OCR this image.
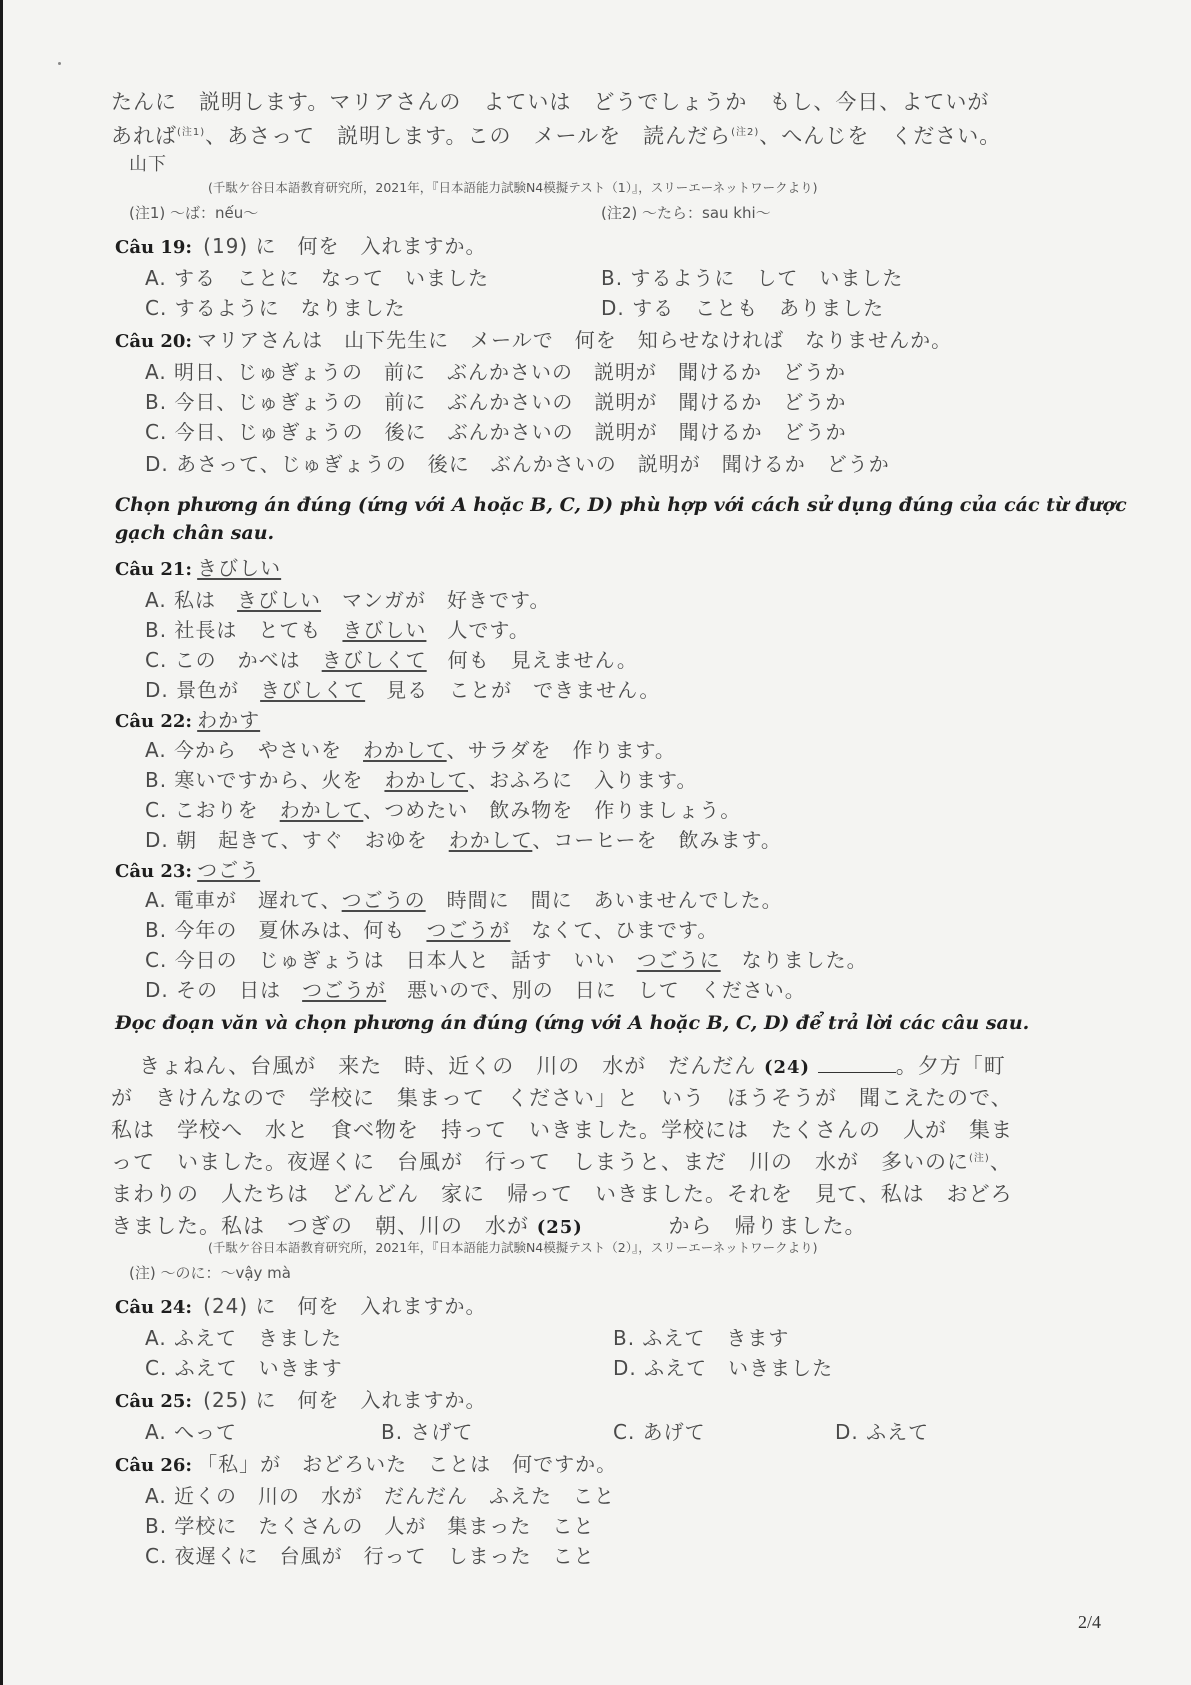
たんに　説明します。マリアさんの　よていは　どうでしょうか　もし、今日、よていが
あれば$^{(注1)}$、あさって　説明します。この　メールを　読んだら$^{(注2)}$、へんじを　ください。
山下
(千駄ケ谷日本語教育研究所，2021年，『日本語能力試験N4模擬テスト（1）』，スリーエーネットワークより)
(注1) ～ば：nếu～	(注2) ～たら：sau khi～
Câu 19: (19) に　何を　入れますか。
A. する　ことに　なって　いました	B. するように　して　いました
C. するように　なりました	D. する　ことも　ありました
Câu 20: マリアさんは　山下先生に　メールで　何を　知らせなければ　なりませんか。
A. 明日、じゅぎょうの　前に　ぶんかさいの　説明が　聞けるか　どうか
B. 今日、じゅぎょうの　前に　ぶんかさいの　説明が　聞けるか　どうか
C. 今日、じゅぎょうの　後に　ぶんかさいの　説明が　聞けるか　どうか
D. あさって、じゅぎょうの　後に　ぶんかさいの　説明が　聞けるか　どうか
Chọn phương án đúng (ứng với A hoặc B, C, D) phù hợp với cách sử dụng đúng của các từ được
gạch chân sau.
Câu 21: きびしい
A. 私は　きびしい　マンガが　好きです。
B. 社長は　とても　きびしい　人です。
C. この　かべは　きびしくて　何も　見えません。
D. 景色が　きびしくて　見る　ことが　できません。
Câu 22: わかす
A. 今から　やさいを　わかして、サラダを　作ります。
B. 寒いですから、火を　わかして、おふろに　入ります。
C. こおりを　わかして、つめたい　飲み物を　作りましょう。
D. 朝　起きて、すぐ　おゆを　わかして、コーヒーを　飲みます。
Câu 23: つごう
A. 電車が　遅れて、つごうの　時間に　間に　あいませんでした。
B. 今年の　夏休みは、何も　つごうが　なくて、ひまです。
C. 今日の　じゅぎょうは　日本人と　話す　いい　つごうに　なりました。
D. その　日は　つごうが　悪いので、別の　日に　して　ください。
Đọc đoạn văn và chọn phương án đúng (ứng với A hoặc B, C, D) để trả lời các câu sau.
きょねん、台風が　来た　時、近くの　川の　水が　だんだん (24)	。夕方「町
が　きけんなので　学校に　集まって　ください」と　いう　ほうそうが　聞こえたので、
私は　学校へ　水と　食べ物を　持って　いきました。学校には　たくさんの　人が　集ま
って　いました。夜遅くに　台風が　行って　しまうと、まだ　川の　水が　多いのに$^{(注)}$、
まわりの　人たちは　どんどん　家に　帰って　いきました。それを　見て、私は　おどろ
きました。私は　つぎの　朝、川の　水が (25)	から　帰りました。
(千駄ケ谷日本語教育研究所，2021年，『日本語能力試験N4模擬テスト（2）』，スリーエーネットワークより)
(注) ～のに：～vậy mà
Câu 24: (24) に　何を　入れますか。
A. ふえて　きました	B. ふえて　きます
C. ふえて　いきます	D. ふえて　いきました
Câu 25: (25) に　何を　入れますか。
A. へって	B. さげて	C. あげて	D. ふえて
Câu 26: 「私」が　おどろいた　ことは　何ですか。
A. 近くの　川の　水が　だんだん　ふえた　こと
B. 学校に　たくさんの　人が　集まった　こと
C. 夜遅くに　台風が　行って　しまった　こと
2/4
